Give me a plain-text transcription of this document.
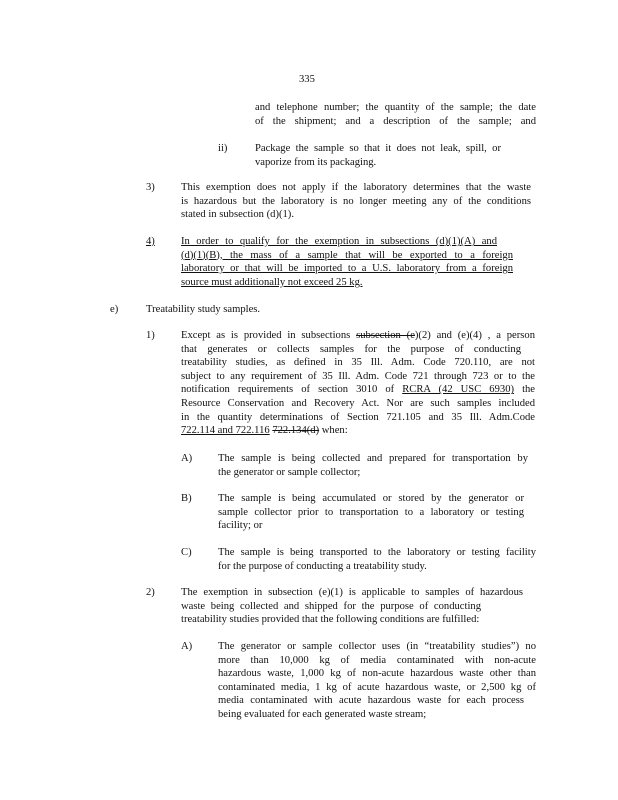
335

and telephone number; the quantity of the sample; the date

of the shipment; and a description of the sample; and

ii)	Package the sample so that it does not leak, spill, or

vaporize from its packaging.

3) This exemption does not apply if the laboratory determines that the waste

is hazardous but the laboratory is no longer meeting any of the conditions

stated in subsection (d)(1).

4) In order to qualify for the exemption in subsections (d)(1)(A) and

(d)(1)(B), the mass of a sample that will be exported to a foreign

laboratory or that will be imported to a U.S. laboratory from a foreign

source must additionally not exceed 25 kg.

e)	Treatability study samples.
1) Except as is provided in subsections subsection (e)(2) and (e)(4) , a person

that generates or collects samples for the purpose of conducting

treatability studies, as defined in 35 Ill. Adm. Code 720.110, are not

subject to any requirement of 35 Ill. Adm. Code 721 through 723 or to the

notification requirements of section 3010 of RCRA (42 USC 6930) the

Resource Conservation and Recovery Act. Nor are such samples included

in the quantity determinations of Section 721.105 and 35 Ill. Adm.Code

722.114 and 722.116 722.134(d) when:

A) The sample is being collected and prepared for transportation by

the generator or sample collector;

B) The sample is being accumulated or stored by the generator or

sample collector prior to transportation to a laboratory or testing

facility; or

C) The sample is being transported to the laboratory or testing facility

for the purpose of conducting a treatability study.

2) The exemption in subsection (e)(1) is applicable to samples of hazardous

waste being collected and shipped for the purpose of conducting

treatability studies provided that the following conditions are fulfilled:

A) The generator or sample collector uses (in “treatability studies”) no

more than 10,000 kg of media contaminated with non-acute

hazardous waste, 1,000 kg of non-acute hazardous waste other than

contaminated media, 1 kg of acute hazardous waste, or 2,500 kg of

media contaminated with acute hazardous waste for each process

being evaluated for each generated waste stream;
